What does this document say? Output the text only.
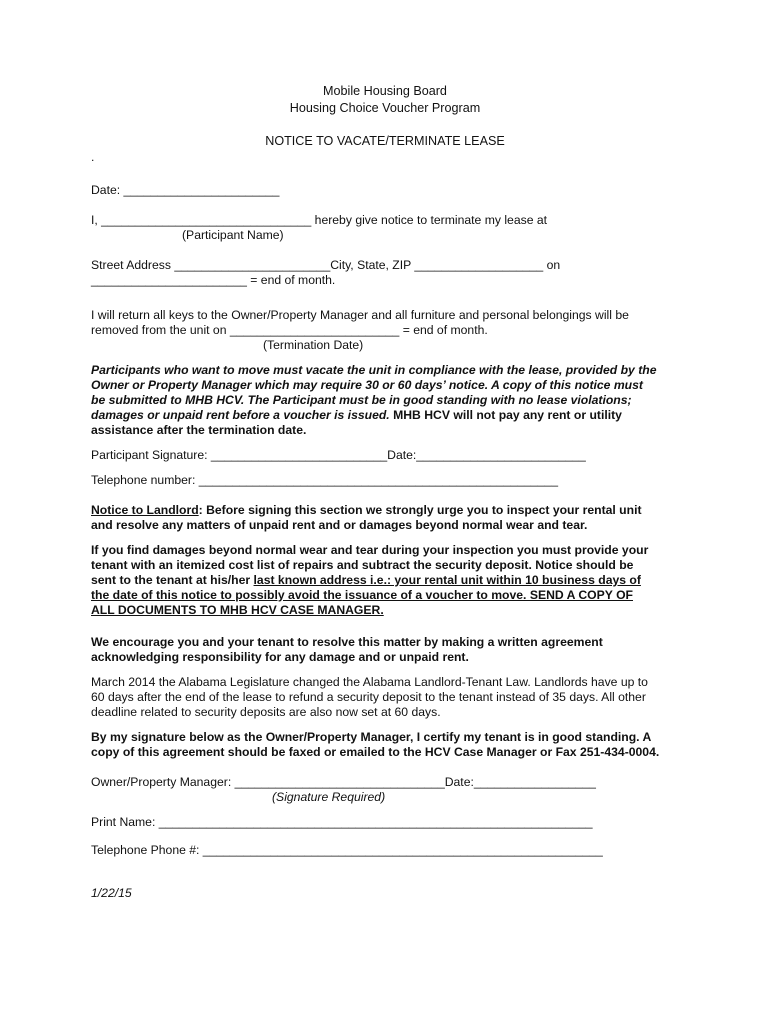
Mobile Housing Board
Housing Choice Voucher Program
NOTICE TO VACATE/TERMINATE LEASE
.
Date: _______________________
I, _______________________________ hereby give notice to terminate my lease at
(Participant Name)
Street Address _______________________City, State, ZIP ___________________ on
_______________________ = end of month.
I will return all keys to the Owner/Property Manager and all furniture and personal belongings will be
removed from the unit on _________________________ = end of month.
(Termination Date)
Participants who want to move must vacate the unit in compliance with the lease, provided by the
Owner or Property Manager which may require 30 or 60 days’ notice. A copy of this notice must
be submitted to MHB HCV. The Participant must be in good standing with no lease violations;
damages or unpaid rent before a voucher is issued. MHB HCV will not pay any rent or utility
assistance after the termination date.
Participant Signature: __________________________Date:_________________________
Telephone number: _____________________________________________________
Notice to Landlord: Before signing this section we strongly urge you to inspect your rental unit
and resolve any matters of unpaid rent and or damages beyond normal wear and tear.
If you find damages beyond normal wear and tear during your inspection you must provide your
tenant with an itemized cost list of repairs and subtract the security deposit. Notice should be
sent to the tenant at his/her last known address i.e.: your rental unit within 10 business days of
the date of this notice to possibly avoid the issuance of a voucher to move. SEND A COPY OF
ALL DOCUMENTS TO MHB HCV CASE MANAGER.
We encourage you and your tenant to resolve this matter by making a written agreement
acknowledging responsibility for any damage and or unpaid rent.
March 2014 the Alabama Legislature changed the Alabama Landlord-Tenant Law. Landlords have up to
60 days after the end of the lease to refund a security deposit to the tenant instead of 35 days. All other
deadline related to security deposits are also now set at 60 days.
By my signature below as the Owner/Property Manager, I certify my tenant is in good standing. A
copy of this agreement should be faxed or emailed to the HCV Case Manager or Fax 251-434-0004.
Owner/Property Manager: _______________________________Date:__________________
(Signature Required)
Print Name: ________________________________________________________________
Telephone Phone #: ___________________________________________________________
1/22/15
